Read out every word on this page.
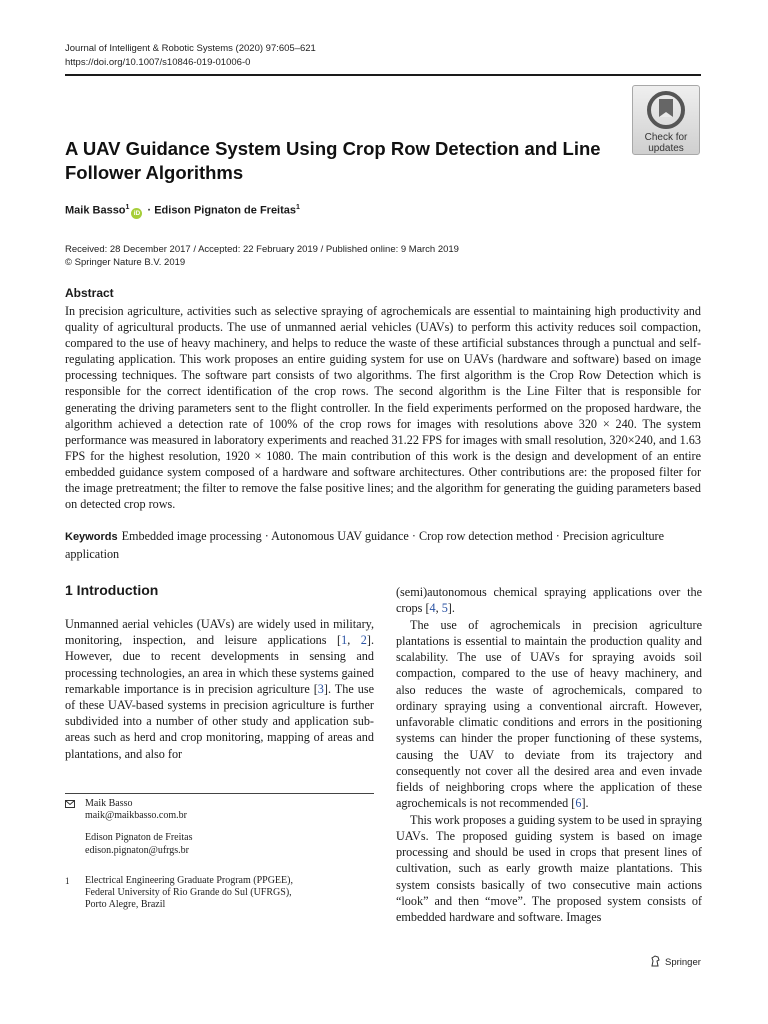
Journal of Intelligent & Robotic Systems (2020) 97:605–621
https://doi.org/10.1007/s10846-019-01006-0
Check for
updates
A UAV Guidance System Using Crop Row Detection and Line Follower Algorithms
Maik Basso$^1$iD · Edison Pignaton de Freitas$^1$
Received: 28 December 2017 / Accepted: 22 February 2019 / Published online: 9 March 2019
© Springer Nature B.V. 2019
Abstract

In precision agriculture, activities such as selective spraying of agrochemicals are essential to maintaining high productivity and quality of agricultural products. The use of unmanned aerial vehicles (UAVs) to perform this activity reduces soil compaction, compared to the use of heavy machinery, and helps to reduce the waste of these artificial substances through a punctual and self-regulating application. This work proposes an entire guiding system for use on UAVs (hardware and software) based on image processing techniques. The software part consists of two algorithms. The first algorithm is the Crop Row Detection which is responsible for the correct identification of the crop rows. The second algorithm is the Line Filter that is responsible for generating the driving parameters sent to the flight controller. In the field experiments performed on the proposed hardware, the algorithm achieved a detection rate of 100% of the crop rows for images with resolutions above 320 × 240. The system performance was measured in laboratory experiments and reached 31.22 FPS for images with small resolution, 320×240, and 1.63 FPS for the highest resolution, 1920 × 1080. The main contribution of this work is the design and development of an entire embedded guidance system composed of a hardware and software architectures. Other contributions are: the proposed filter for the image pretreatment; the filter to remove the false positive lines; and the algorithm for generating the guiding parameters based on detected crop rows.

Keywords Embedded image processing · Autonomous UAV guidance · Crop row detection method · Precision agriculture application

1 Introduction

Unmanned aerial vehicles (UAVs) are widely used in military, monitoring, inspection, and leisure applications [1, 2]. However, due to recent developments in sensing and processing technologies, an area in which these systems gained remarkable importance is in precision agriculture [3]. The use of these UAV-based systems in precision agriculture is further subdivided into a number of other study and application sub-areas such as herd and crop monitoring, mapping of areas and plantations, and also for

(semi)autonomous chemical spraying applications over the crops [4, 5].

The use of agrochemicals in precision agriculture plantations is essential to maintain the production quality and scalability. The use of UAVs for spraying avoids soil compaction, compared to the use of heavy machinery, and also reduces the waste of agrochemicals, compared to ordinary spraying using a conventional aircraft. However, unfavorable climatic conditions and errors in the positioning systems can hinder the proper functioning of these systems, causing the UAV to deviate from its trajectory and consequently not cover all the desired area and even invade fields of neighboring crops where the application of these agrochemicals is not recommended [6].

This work proposes a guiding system to be used in spraying UAVs. The proposed guiding system is based on image processing and should be used in crops that present lines of cultivation, such as early growth maize plantations. This system consists basically of two consecutive main actions “look” and then “move”. The proposed system consists of embedded hardware and software. Images

Maik Basso
maik@maikbasso.com.br
Edison Pignaton de Freitas
edison.pignaton@ufrgs.br
1 Electrical Engineering Graduate Program (PPGEE),
Federal University of Rio Grande do Sul (UFRGS),
Porto Alegre, Brazil
Springer
